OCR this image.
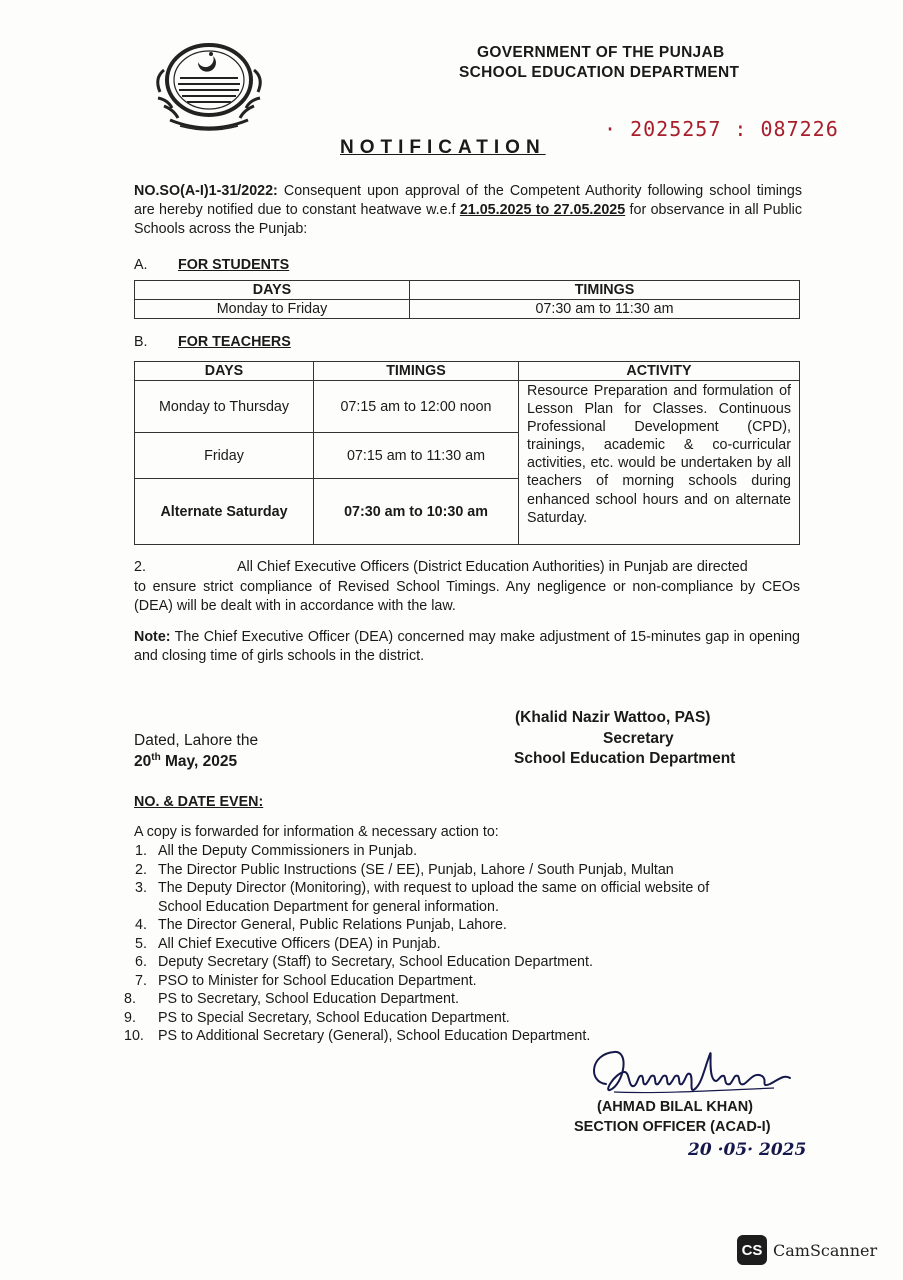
GOVERNMENT OF THE PUNJAB
SCHOOL EDUCATION DEPARTMENT
· 2025257 : 087226
NOTIFICATION
NO.SO(A-I)1-31/2022: Consequent upon approval of the Competent Authority following school timings are hereby notified due to constant heatwave w.e.f 21.05.2025 to 27.05.2025 for observance in all Public Schools across the Punjab:
A. FOR STUDENTS
DAYS	TIMINGS
Monday to Friday	07:30 am to 11:30 am
B. FOR TEACHERS
DAYS	TIMINGS	ACTIVITY
Monday to Thursday	07:15 am to 12:00 noon	Resource Preparation and formulation of Lesson Plan for Classes. Continuous Professional Development (CPD), trainings, academic & co-curricular activities, etc. would be undertaken by all teachers of morning schools during enhanced school hours and on alternate Saturday.
Friday	07:15 am to 11:30 am	
Alternate Saturday	07:30 am to 10:30 am	
2.	All Chief Executive Officers (District Education Authorities) in Punjab are directed
to ensure strict compliance of Revised School Timings. Any negligence or non-compliance by CEOs (DEA) will be dealt with in accordance with the law.
Note: The Chief Executive Officer (DEA) concerned may make adjustment of 15-minutes gap in opening and closing time of girls schools in the district.
(Khalid Nazir Wattoo, PAS)
Secretary
School Education Department
Dated, Lahore the
20th May, 2025
NO. & DATE EVEN:
A copy is forwarded for information & necessary action to:
1. All the Deputy Commissioners in Punjab.
2. The Director Public Instructions (SE / EE), Punjab, Lahore / South Punjab, Multan
3. The Deputy Director (Monitoring), with request to upload the same on official website of
School Education Department for general information.
4. The Director General, Public Relations Punjab, Lahore.
5. All Chief Executive Officers (DEA) in Punjab.
6. Deputy Secretary (Staff) to Secretary, School Education Department.
7. PSO to Minister for School Education Department.
8.	PS to Secretary, School Education Department.
9.	PS to Special Secretary, School Education Department.
10. PS to Additional Secretary (General), School Education Department.
(AHMAD BILAL KHAN)
SECTION OFFICER (ACAD-I)
20 ·05· 2025
CS CamScanner
